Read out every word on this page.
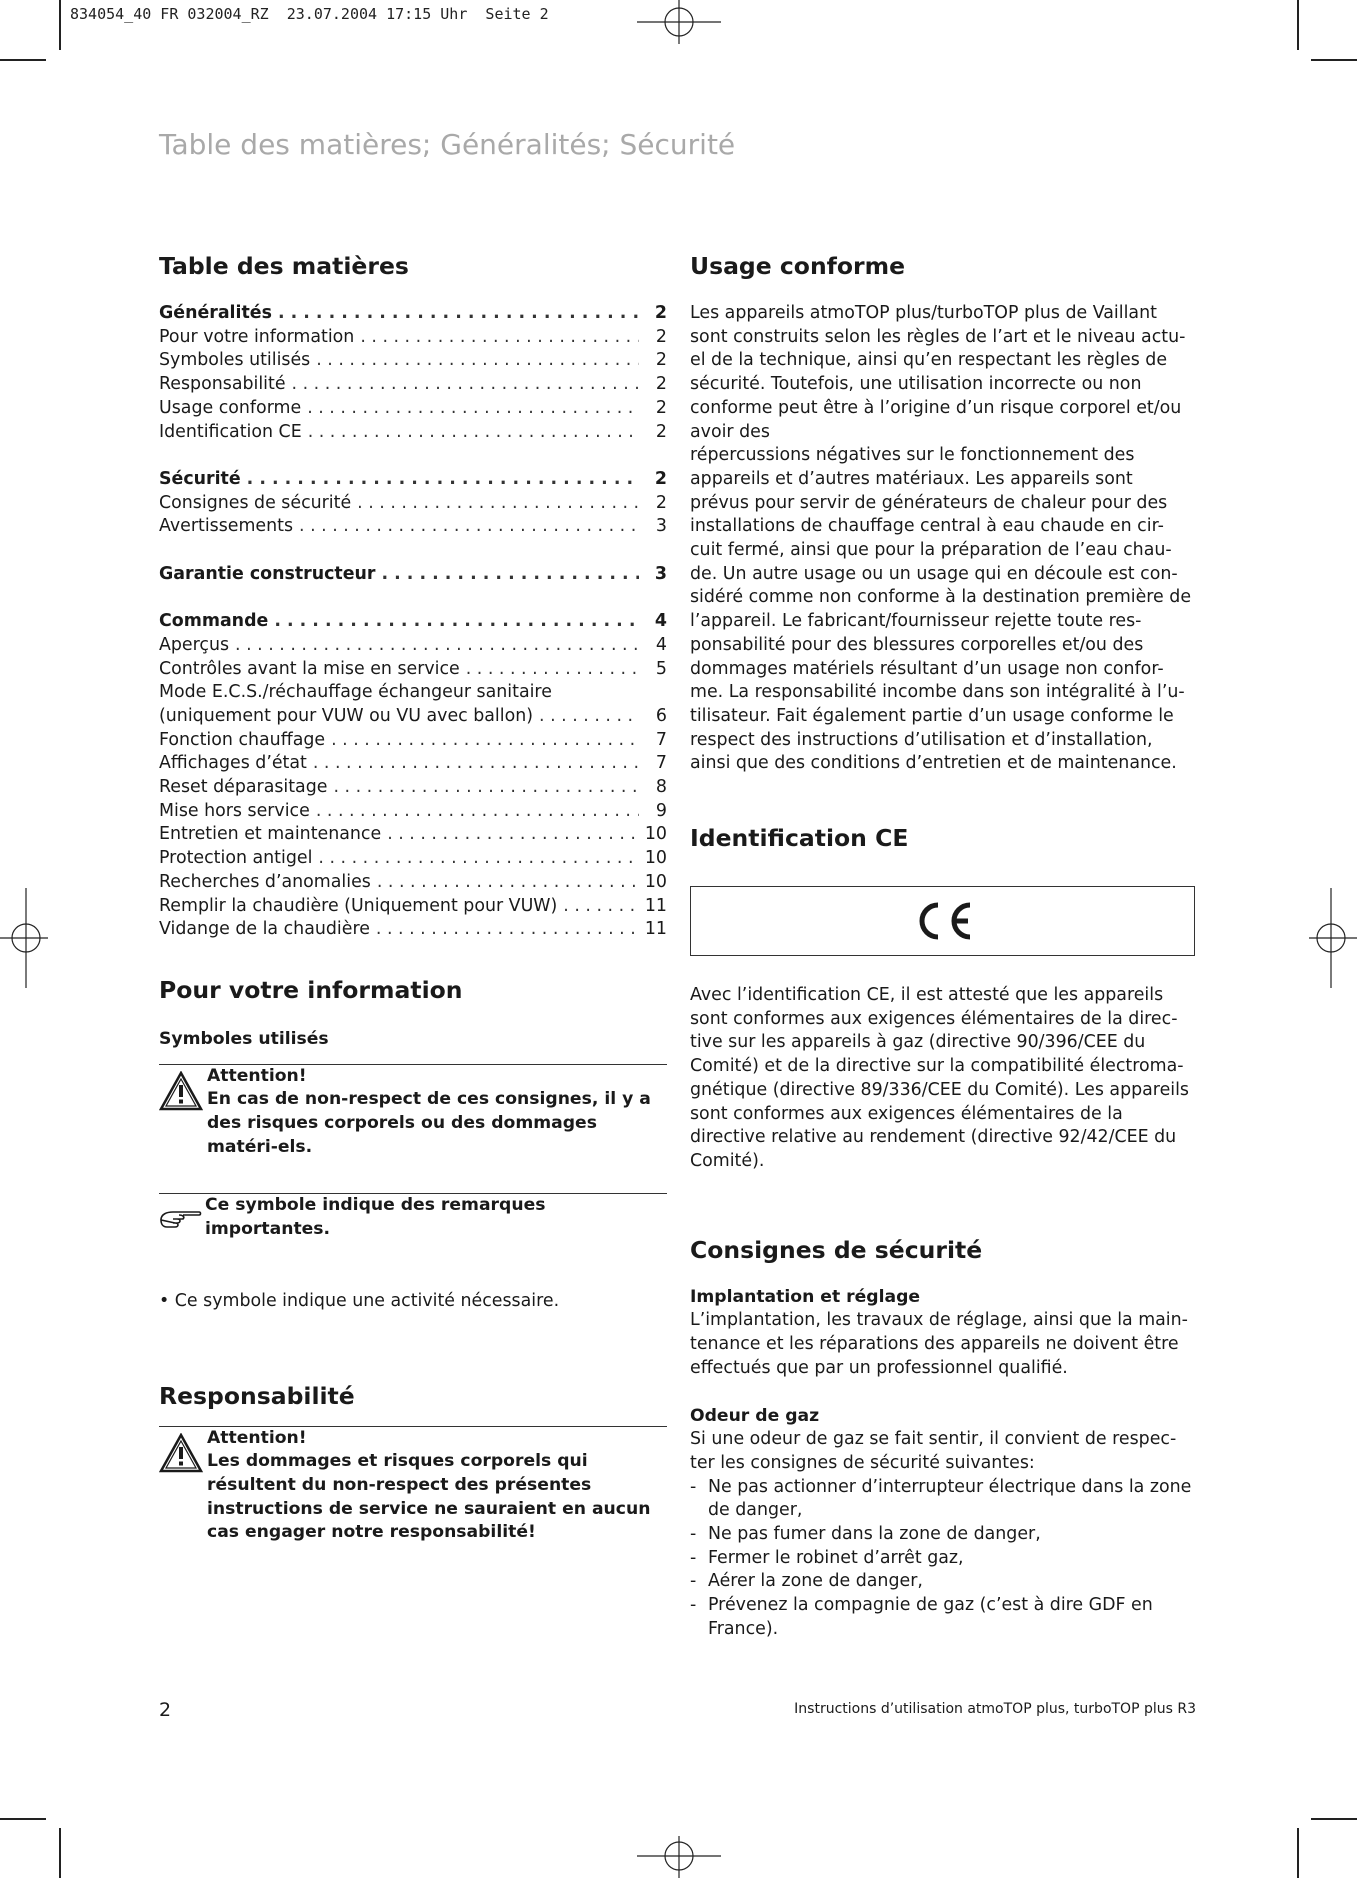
834054_40 FR 032004_RZ  23.07.2004 17:15 Uhr  Seite 2
Table des matières; Généralités; Sécurité
Table des matières
Généralités . . .	2
Pour votre information . . .	2
Symboles utilisés . . .	2
Responsabilité . . .	2
Usage conforme . . .	2
Identification CE . . .	2
Sécurité . . .	2
Consignes de sécurité . . .	2
Avertissements . . .	3
Garantie constructeur . . .	3
Commande . . .	4
Aperçus . . .	4
Contrôles avant la mise en service . . .	5
Mode E.C.S./réchauffage échangeur sanitaire
(uniquement pour VUW ou VU avec ballon) . . .	6
Fonction chauffage . . .	7
Affichages d’état . . .	7
Reset déparasitage . . .	8
Mise hors service . . .	9
Entretien et maintenance . . .	10
Protection antigel . . .	10
Recherches d’anomalies . . .	10
Remplir la chaudière (Uniquement pour VUW) . . .	11
Vidange de la chaudière . . .	11
Pour votre information

Symboles utilisés

Attention!
En cas de non-respect de ces consignes, il y a des risques corporels ou des dommages matéri-els.
Ce symbole indique des remarques importantes.

• Ce symbole indique une activité nécessaire.

Responsabilité
Attention!
Les dommages et risques corporels qui résultent du non-respect des présentes instructions de service ne sauraient en aucun cas engager notre responsabilité!
Usage conforme

Les appareils atmoTOP plus/turboTOP plus de Vaillant sont construits selon les règles de l’art et le niveau actu-el de la technique, ainsi qu’en respectant les règles de sécurité. Toutefois, une utilisation incorrecte ou non conforme peut être à l’origine d’un risque corporel et/ou avoir des

répercussions négatives sur le fonctionnement des appareils et d’autres matériaux. Les appareils sont prévus pour servir de générateurs de chaleur pour des installations de chauffage central à eau chaude en cir-cuit fermé, ainsi que pour la préparation de l’eau chau-de. Un autre usage ou un usage qui en découle est con-sidéré comme non conforme à la destination première de l’appareil. Le fabricant/fournisseur rejette toute res-ponsabilité pour des blessures corporelles et/ou des dommages matériels résultant d’un usage non confor-me. La responsabilité incombe dans son intégralité à l’u-tilisateur. Fait également partie d’un usage conforme le respect des instructions d’utilisation et d’installation, ainsi que des conditions d’entretien et de maintenance.

Identification CE

Avec l’identification CE, il est attesté que les appareils sont conformes aux exigences élémentaires de la direc-tive sur les appareils à gaz (directive 90/396/CEE du Comité) et de la directive sur la compatibilité électroma-gnétique (directive 89/336/CEE du Comité). Les appareils sont conformes aux exigences élémentaires de la directive relative au rendement (directive 92/42/CEE du Comité).

Consignes de sécurité

Implantation et réglage

L’implantation, les travaux de réglage, ainsi que la main-tenance et les réparations des appareils ne doivent être effectués que par un professionnel qualifié.

Odeur de gaz

Si une odeur de gaz se fait sentir, il convient de respec-ter les consignes de sécurité suivantes:

- Ne pas actionner d’interrupteur électrique dans la zone de danger,
- Ne pas fumer dans la zone de danger,
- Fermer le robinet d’arrêt gaz,
- Aérer la zone de danger,
- Prévenez la compagnie de gaz (c’est à dire GDF en France).
2	Instructions d’utilisation atmoTOP plus, turboTOP plus R3
